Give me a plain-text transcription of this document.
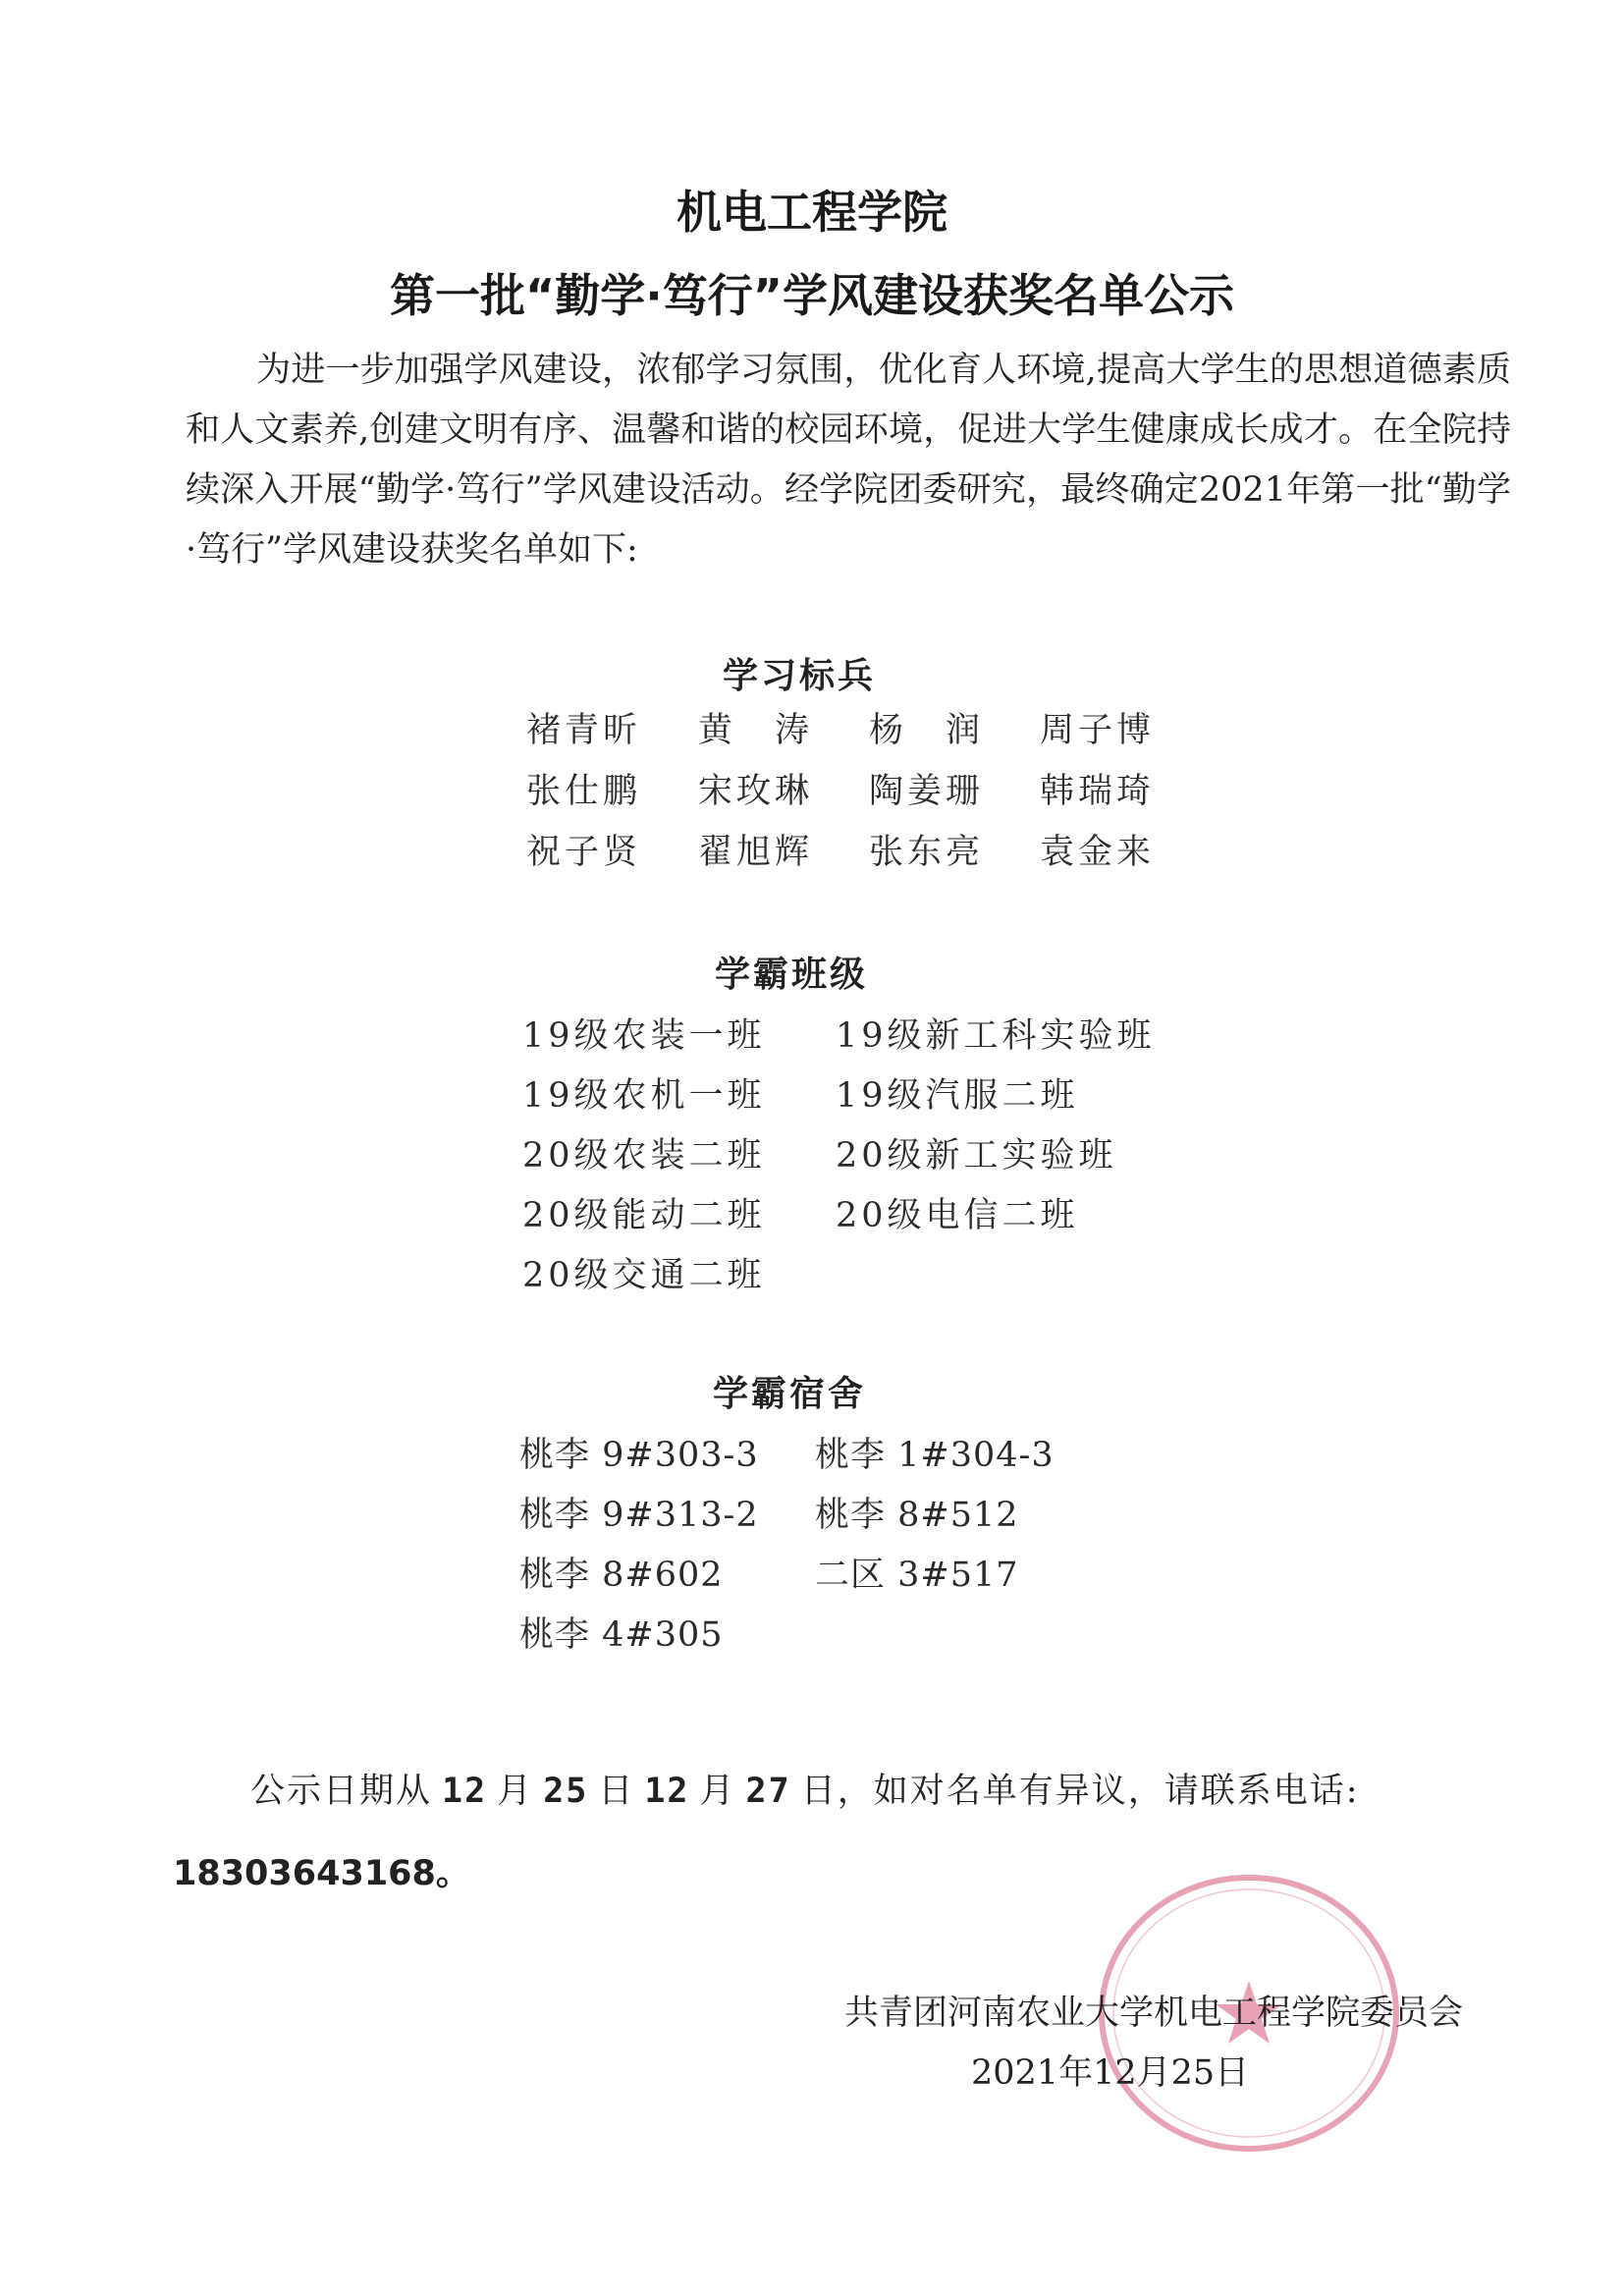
机电工程学院
第一批“勤学·笃行”学风建设获奖名单公示
为进一步加强学风建设，浓郁学习氛围，优化育人环境,提高大学生的思想道德素质和人文素养,创建文明有序、温馨和谐的校园环境，促进大学生健康成长成才。在全院持续深入开展“勤学·笃行”学风建设活动。经学院团委研究，最终确定2021年第一批“勤学·笃行”学风建设获奖名单如下:
学习标兵
褚青昕 黄　涛 杨　润 周子博
张仕鹏 宋玫琳 陶姜珊 韩瑞琦
祝子贤 翟旭辉 张东亮 袁金来
学霸班级
19级农装一班 19级新工科实验班
19级农机一班 19级汽服二班
20级农装二班 20级新工实验班
20级能动二班 20级电信二班
20级交通二班
学霸宿舍
桃李 9#303-3 桃李 1#304-3
桃李 9#313-2 桃李 8#512
桃李 8#602	二区 3#517
桃李 4#305
公示日期从 12 月 25 日 12 月 27 日，如对名单有异议，请联系电话:
18303643168。
共青团河南农业大学机电工程学院委员会
2021年12月25日
